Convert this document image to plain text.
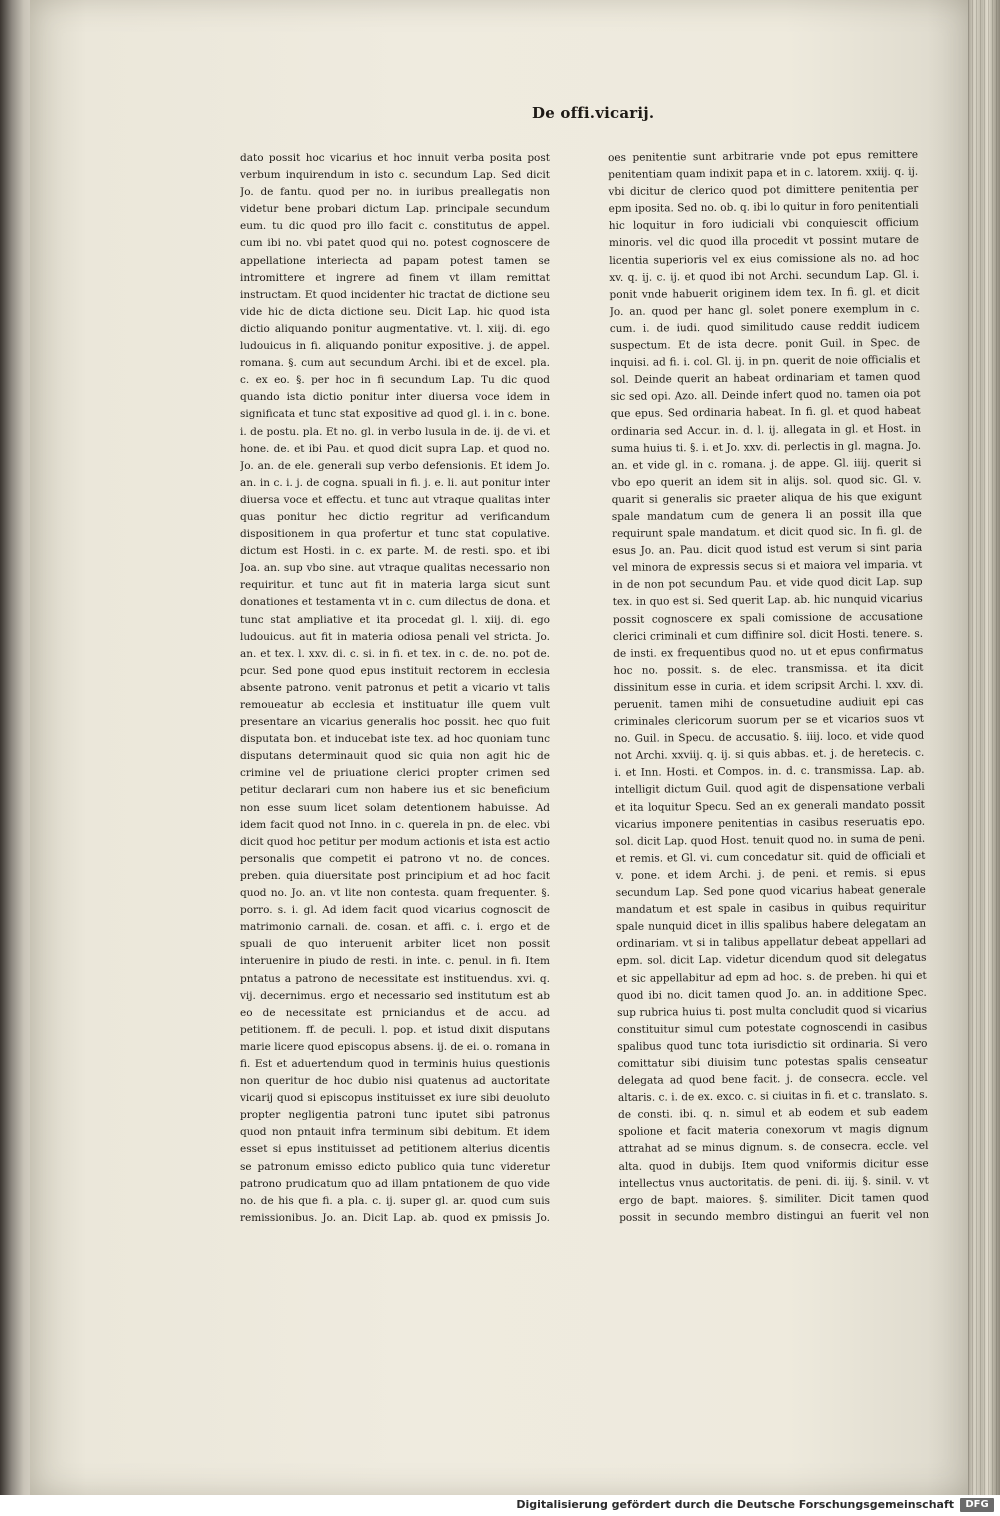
De offi.vicarij.

dato possit hoc vicarius et hoc innuit verba posita post verbum inquirendum in isto c. secundum Lap. Sed dicit Jo. de fantu. quod per no. in iuribus preallegatis non videtur bene probari dictum Lap. principale secundum eum. tu dic quod pro illo facit c. constitutus de appel. cum ibi no. vbi patet quod qui no. potest cognoscere de appellatione interiecta ad papam potest tamen se intromittere et ingrere ad finem vt illam remittat instructam. Et quod incidenter hic tractat de dictione seu vide hic de dicta dictione seu. Dicit Lap. hic quod ista dictio aliquando ponitur augmentative. vt. l. xiij. di. ego ludouicus in fi. aliquando ponitur expositive. j. de appel. romana. §. cum aut secundum Archi. ibi et de excel. pla. c. ex eo. §. per hoc in fi secundum Lap. Tu dic quod quando ista dictio ponitur inter diuersa voce idem in significata et tunc stat expositive ad quod gl. i. in c. bone. i. de postu. pla. Et no. gl. in verbo lusula in de. ij. de vi. et hone. de. et ibi Pau. et quod dicit supra Lap. et quod no. Jo. an. de ele. generali sup verbo defensionis. Et idem Jo. an. in c. i. j. de cogna. spuali in fi. j. e. li. aut ponitur inter diuersa voce et effectu. et tunc aut vtraque qualitas inter quas ponitur hec dictio regritur ad verificandum dispositionem in qua profertur et tunc stat copulative. dictum est Hosti. in c. ex parte. M. de resti. spo. et ibi Joa. an. sup vbo sine. aut vtraque qualitas necessario non requiritur. et tunc aut fit in materia larga sicut sunt donationes et testamenta vt in c. cum dilectus de dona. et tunc stat ampliative et ita procedat gl. l. xiij. di. ego ludouicus. aut fit in materia odiosa penali vel stricta. Jo. an. et tex. l. xxv. di. c. si. in fi. et tex. in c. de. no. pot de. pcur. Sed pone quod epus instituit rectorem in ecclesia absente patrono. venit patronus et petit a vicario vt talis remoueatur ab ecclesia et instituatur ille quem vult presentare an vicarius generalis hoc possit. hec quo fuit disputata bon. et inducebat iste tex. ad hoc quoniam tunc disputans determinauit quod sic quia non agit hic de crimine vel de priuatione clerici propter crimen sed petitur declarari cum non habere ius et sic beneficium non esse suum licet solam detentionem habuisse. Ad idem facit quod not Inno. in c. querela in pn. de elec. vbi dicit quod hoc petitur per modum actionis et ista est actio personalis que competit ei patrono vt no. de conces. preben. quia diuersitate post principium et ad hoc facit quod no. Jo. an. vt lite non contesta. quam frequenter. §. porro. s. i. gl. Ad idem facit quod vicarius cognoscit de matrimonio carnali. de. cosan. et affi. c. i. ergo et de spuali de quo interuenit arbiter licet non possit interuenire in piudo de resti. in inte. c. penul. in fi. Item pntatus a patrono de necessitate est instituendus. xvi. q. vij. decernimus. ergo et necessario sed institutum est ab eo de necessitate est prniciandus et de accu. ad petitionem. ff. de peculi. l. pop. et istud dixit disputans marie licere quod episcopus absens. ij. de ei. o. romana in fi. Est et aduertendum quod in terminis huius questionis non queritur de hoc dubio nisi quatenus ad auctoritate vicarij quod si episcopus instituisset ex iure sibi deuoluto propter negligentia patroni tunc iputet sibi patronus quod non pntauit infra terminum sibi debitum. Et idem esset si epus instituisset ad petitionem alterius dicentis se patronum emisso edicto publico quia tunc videretur patrono prudicatum quo ad illam pntationem de quo vide no. de his que fi. a pla. c. ij. super gl. ar. quod cum suis remissionibus. Jo. an. Dicit Lap. ab. quod ex pmissis Jo.

oes penitentie sunt arbitrarie vnde pot epus remittere penitentiam quam indixit papa et in c. latorem. xxiij. q. ij. vbi dicitur de clerico quod pot dimittere penitentia per epm iposita. Sed no. ob. q. ibi lo quitur in foro penitentiali hic loquitur in foro iudiciali vbi conquiescit officium minoris. vel dic quod illa procedit vt possint mutare de licentia superioris vel ex eius comissione als no. ad hoc xv. q. ij. c. ij. et quod ibi not Archi. secundum Lap. Gl. i. ponit vnde habuerit originem idem tex. In fi. gl. et dicit Jo. an. quod per hanc gl. solet ponere exemplum in c. cum. i. de iudi. quod similitudo cause reddit iudicem suspectum. Et de ista decre. ponit Guil. in Spec. de inquisi. ad fi. i. col. Gl. ij. in pn. querit de noie officialis et sol. Deinde querit an habeat ordinariam et tamen quod sic sed opi. Azo. all. Deinde infert quod no. tamen oia pot que epus. Sed ordinaria habeat. In fi. gl. et quod habeat ordinaria sed Accur. in. d. l. ij. allegata in gl. et Host. in suma huius ti. §. i. et Jo. xxv. di. perlectis in gl. magna. Jo. an. et vide gl. in c. romana. j. de appe. Gl. iiij. querit si vbo epo querit an idem sit in alijs. sol. quod sic. Gl. v. quarit si generalis sic praeter aliqua de his que exigunt spale mandatum cum de genera li an possit illa que requirunt spale mandatum. et dicit quod sic. In fi. gl. de esus Jo. an. Pau. dicit quod istud est verum si sint paria vel minora de expressis secus si et maiora vel imparia. vt in de non pot secundum Pau. et vide quod dicit Lap. sup tex. in quo est si. Sed querit Lap. ab. hic nunquid vicarius possit cognoscere ex spali comissione de accusatione clerici criminali et cum diffinire sol. dicit Hosti. tenere. s. de insti. ex frequentibus quod no. ut et epus confirmatus hoc no. possit. s. de elec. transmissa. et ita dicit dissinitum esse in curia. et idem scripsit Archi. l. xxv. di. peruenit. tamen mihi de consuetudine audiuit epi cas criminales clericorum suorum per se et vicarios suos vt no. Guil. in Specu. de accusatio. §. iiij. loco. et vide quod not Archi. xxviij. q. ij. si quis abbas. et. j. de heretecis. c. i. et Inn. Hosti. et Compos. in. d. c. transmissa. Lap. ab. intelligit dictum Guil. quod agit de dispensatione verbali et ita loquitur Specu. Sed an ex generali mandato possit vicarius imponere penitentias in casibus reseruatis epo. sol. dicit Lap. quod Host. tenuit quod no. in suma de peni. et remis. et Gl. vi. cum concedatur sit. quid de officiali et v. pone. et idem Archi. j. de peni. et remis. si epus secundum Lap. Sed pone quod vicarius habeat generale mandatum et est spale in casibus in quibus requiritur spale nunquid dicet in illis spalibus habere delegatam an ordinariam. vt si in talibus appellatur debeat appellari ad epm. sol. dicit Lap. videtur dicendum quod sit delegatus et sic appellabitur ad epm ad hoc. s. de preben. hi qui et quod ibi no. dicit tamen quod Jo. an. in additione Spec. sup rubrica huius ti. post multa concludit quod si vicarius constituitur simul cum potestate cognoscendi in casibus spalibus quod tunc tota iurisdictio sit ordinaria. Si vero comittatur sibi diuisim tunc potestas spalis censeatur delegata ad quod bene facit. j. de consecra. eccle. vel altaris. c. i. de ex. exco. c. si ciuitas in fi. et c. translato. s. de consti. ibi. q. n. simul et ab eodem et sub eadem spolione et facit materia conexorum vt magis dignum attrahat ad se minus dignum. s. de consecra. eccle. vel alta. quod in dubijs. Item quod vniformis dicitur esse intellectus vnus auctoritatis. de peni. di. iij. §. sinil. v. vt ergo de bapt. maiores. §. similiter. Dicit tamen quod possit in secundo membro distingui an fuerit vel non

Digitalisierung gefördert durch die Deutsche Forschungsgemeinschaft	DFG
